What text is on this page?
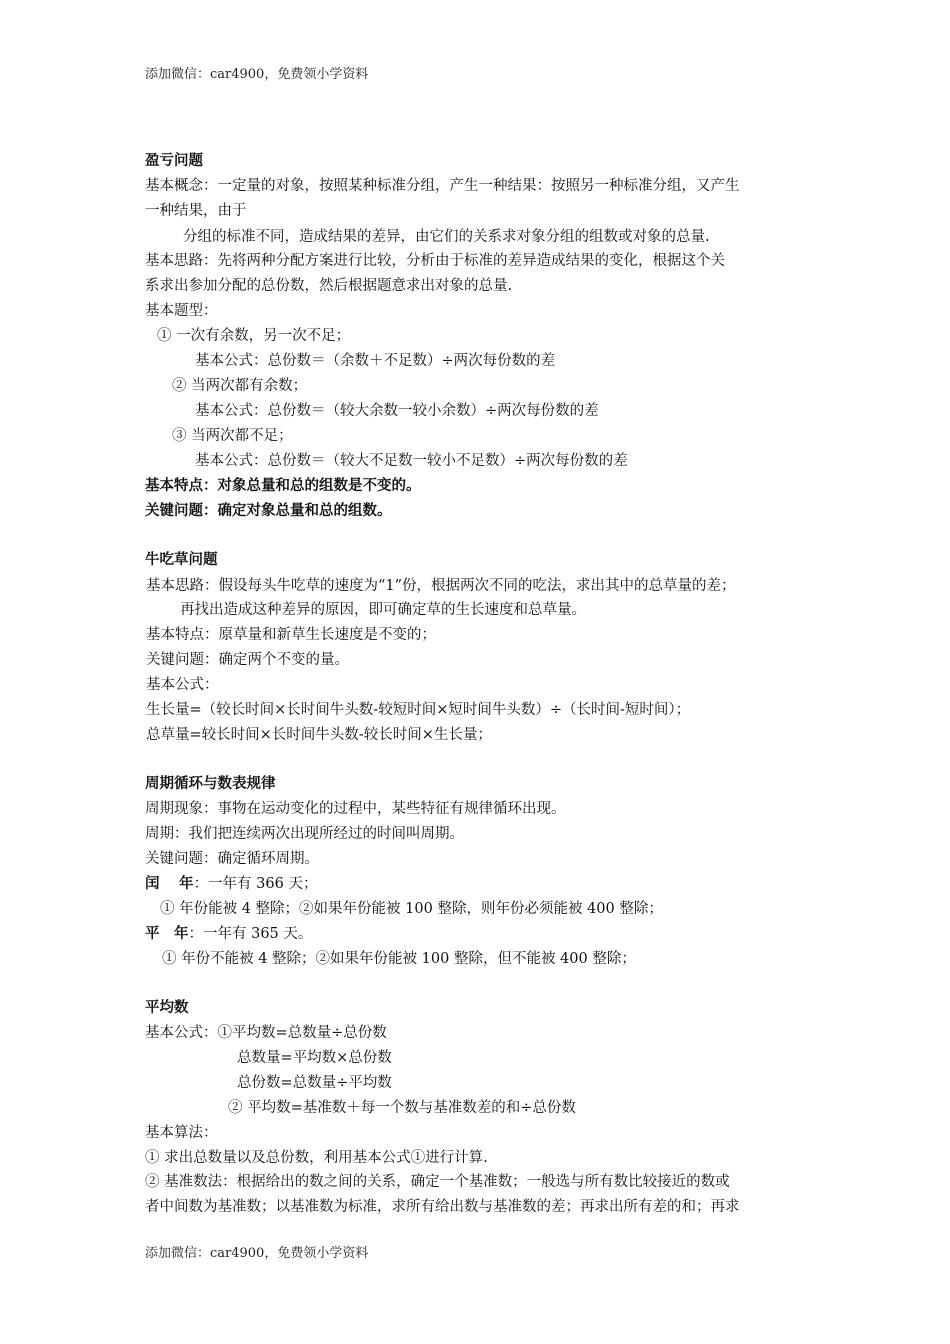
添加微信：car4900，免费领小学资料
盈亏问题
基本概念：一定量的对象，按照某种标准分组，产生一种结果：按照另一种标准分组，又产生
一种结果，由于
分组的标准不同，造成结果的差异，由它们的关系求对象分组的组数或对象的总量.
基本思路：先将两种分配方案进行比较，分析由于标准的差异造成结果的变化，根据这个关
系求出参加分配的总份数，然后根据题意求出对象的总量.
基本题型：
① 一次有余数，另一次不足；
基本公式：总份数＝（余数＋不足数）÷两次每份数的差
② 当两次都有余数；
基本公式：总份数＝（较大余数一较小余数）÷两次每份数的差
③ 当两次都不足；
基本公式：总份数＝（较大不足数一较小不足数）÷两次每份数的差
基本特点：对象总量和总的组数是不变的。
关键问题：确定对象总量和总的组数。
牛吃草问题
基本思路：假设每头牛吃草的速度为“1”份，根据两次不同的吃法，求出其中的总草量的差；
再找出造成这种差异的原因，即可确定草的生长速度和总草量。
基本特点：原草量和新草生长速度是不变的；
关键问题：确定两个不变的量。
基本公式：
生长量=（较长时间×长时间牛头数-较短时间×短时间牛头数）÷（长时间-短时间）；
总草量=较长时间×长时间牛头数-较长时间×生长量；
周期循环与数表规律
周期现象：事物在运动变化的过程中，某些特征有规律循环出现。
周期：我们把连续两次出现所经过的时间叫周期。
关键问题：确定循环周期。
闰　 年：一年有 366 天；
① 年份能被 4 整除；②如果年份能被 100 整除，则年份必须能被 400 整除；
平　年：一年有 365 天。
① 年份不能被 4 整除；②如果年份能被 100 整除，但不能被 400 整除；
平均数
基本公式：①平均数=总数量÷总份数
总数量=平均数×总份数
总份数=总数量÷平均数
② 平均数=基准数＋每一个数与基准数差的和÷总份数
基本算法：
① 求出总数量以及总份数，利用基本公式①进行计算.
② 基准数法：根据给出的数之间的关系，确定一个基准数；一般选与所有数比较接近的数或
者中间数为基准数；以基准数为标准，求所有给出数与基准数的差；再求出所有差的和；再求
添加微信：car4900，免费领小学资料
